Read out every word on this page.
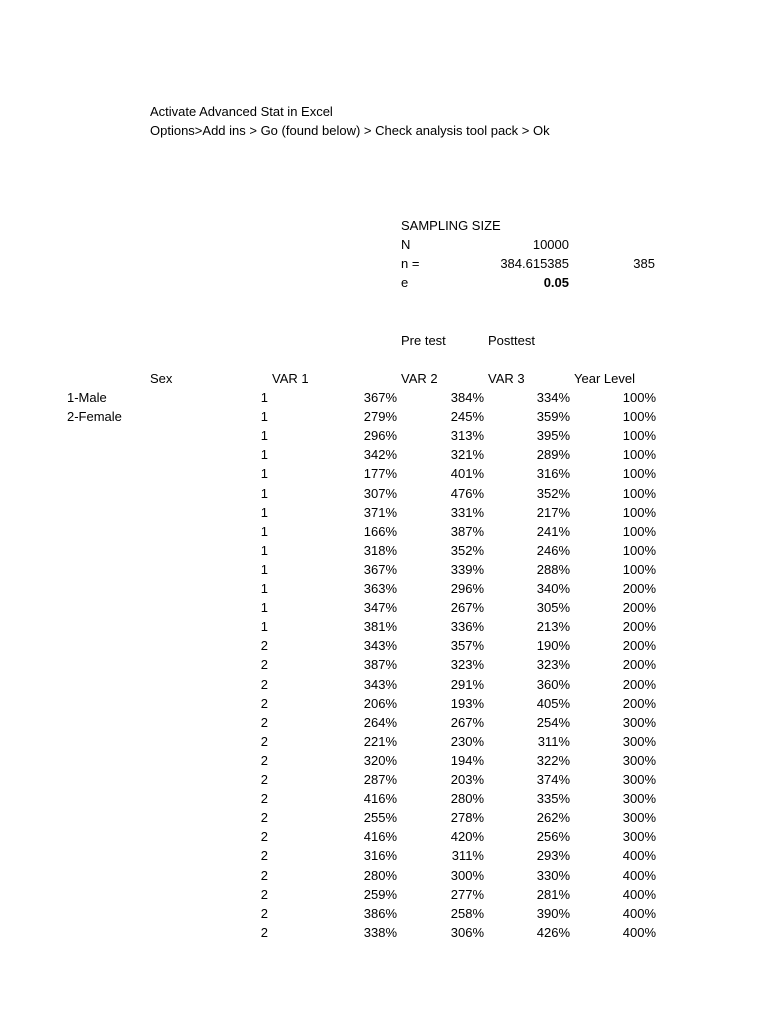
Activate Advanced Stat in Excel
Options>Add ins > Go (found below) > Check analysis tool pack > Ok
SAMPLING SIZE
N	10000
n =	384.615385	385
e	0.05
Pre test	Posttest
Sex	VAR 1	VAR 2	VAR 3	Year Level
1-Male
2-Female
1	367%	384%	334%	100%
1	279%	245%	359%	100%
1	296%	313%	395%	100%
1	342%	321%	289%	100%
1	177%	401%	316%	100%
1	307%	476%	352%	100%
1	371%	331%	217%	100%
1	166%	387%	241%	100%
1	318%	352%	246%	100%
1	367%	339%	288%	100%
1	363%	296%	340%	200%
1	347%	267%	305%	200%
1	381%	336%	213%	200%
2	343%	357%	190%	200%
2	387%	323%	323%	200%
2	343%	291%	360%	200%
2	206%	193%	405%	200%
2	264%	267%	254%	300%
2	221%	230%	311%	300%
2	320%	194%	322%	300%
2	287%	203%	374%	300%
2	416%	280%	335%	300%
2	255%	278%	262%	300%
2	416%	420%	256%	300%
2	316%	311%	293%	400%
2	280%	300%	330%	400%
2	259%	277%	281%	400%
2	386%	258%	390%	400%
2	338%	306%	426%	400%
